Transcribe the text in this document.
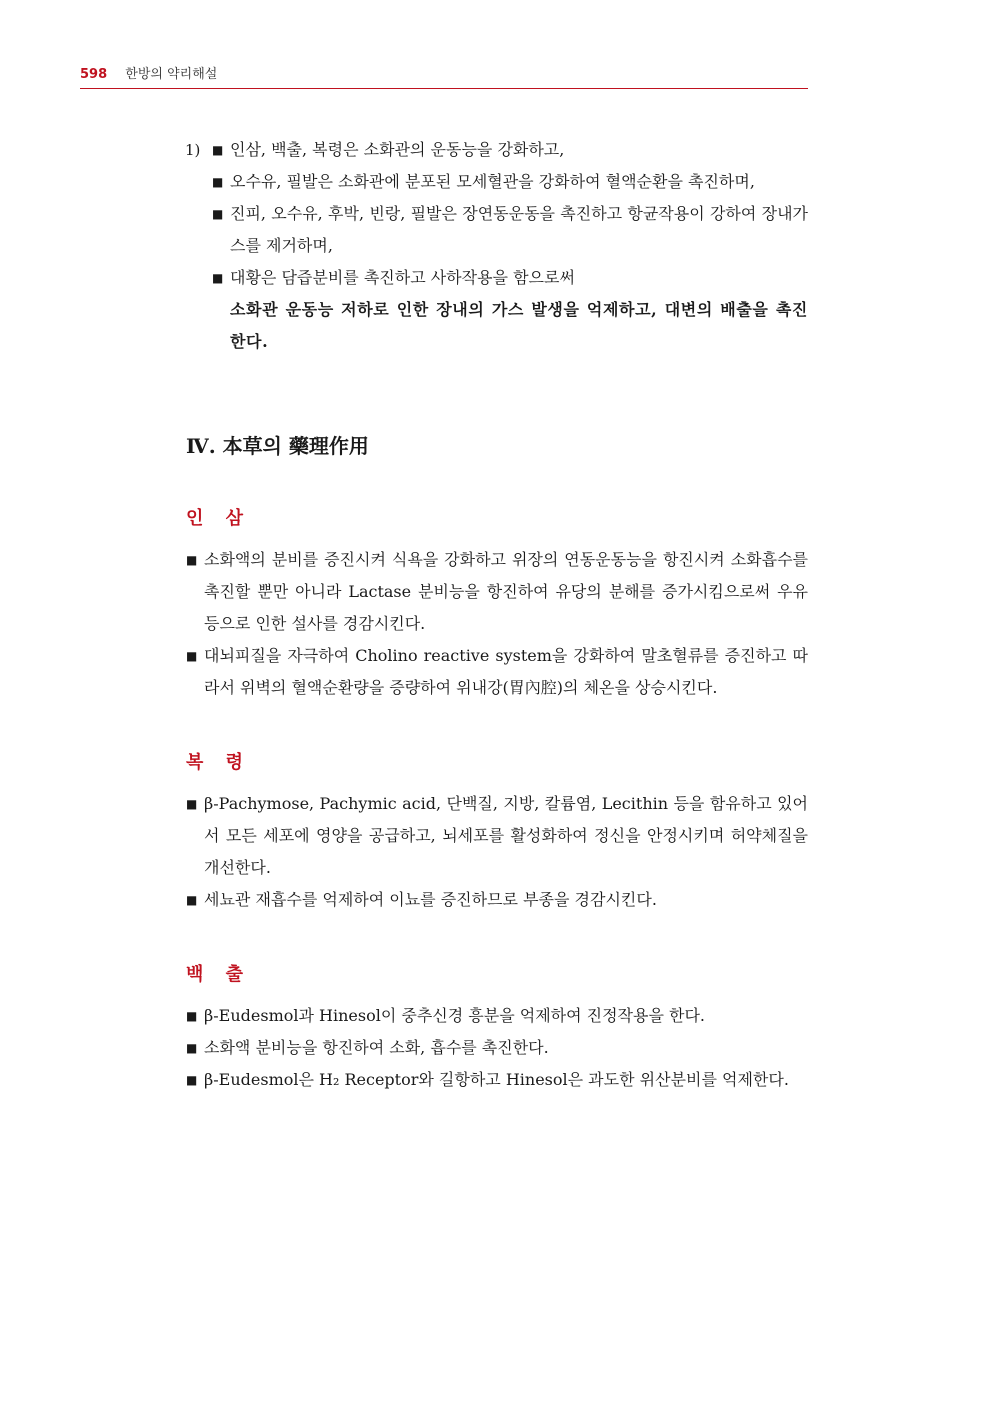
598 한방의 약리해설
1) ■ 인삼, 백출, 복령은 소화관의 운동능을 강화하고,
■ 오수유, 필발은 소화관에 분포된 모세혈관을 강화하여 혈액순환을 촉진하며,
■ 진피, 오수유, 후박, 빈랑, 필발은 장연동운동을 촉진하고 항균작용이 강하여 장내가스를 제거하며,
■ 대황은 담즙분비를 촉진하고 사하작용을 함으로써
소화관 운동능 저하로 인한 장내의 가스 발생을 억제하고, 대변의 배출을 촉진한다.
Ⅳ. 本草의 藥理作用
인 삼
■ 소화액의 분비를 증진시켜 식욕을 강화하고 위장의 연동운동능을 항진시켜 소화흡수를 촉진할 뿐만 아니라 Lactase 분비능을 항진하여 유당의 분해를 증가시킴으로써 우유 등으로 인한 설사를 경감시킨다.
■ 대뇌피질을 자극하여 Cholino reactive system을 강화하여 말초혈류를 증진하고 따라서 위벽의 혈액순환량을 증량하여 위내강(胃內腔)의 체온을 상승시킨다.
복 령
■ β-Pachymose, Pachymic acid, 단백질, 지방, 칼륨염, Lecithin 등을 함유하고 있어서 모든 세포에 영양을 공급하고, 뇌세포를 활성화하여 정신을 안정시키며 허약체질을 개선한다.
■ 세뇨관 재흡수를 억제하여 이뇨를 증진하므로 부종을 경감시킨다.
백 출
■ β-Eudesmol과 Hinesol이 중추신경 흥분을 억제하여 진정작용을 한다.
■ 소화액 분비능을 항진하여 소화, 흡수를 촉진한다.
■ β-Eudesmol은 H₂ Receptor와 길항하고 Hinesol은 과도한 위산분비를 억제한다.
